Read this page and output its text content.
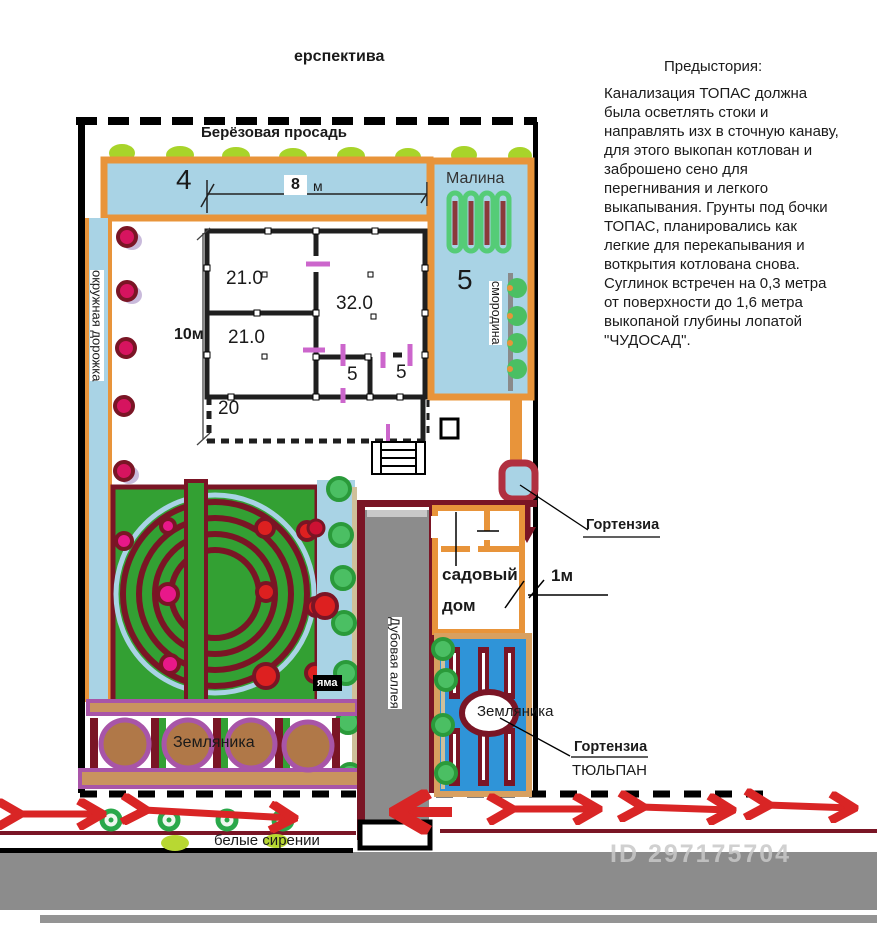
ерспектива
Предыстория:
Канализация ТОПАС должна была осветлять стоки и направлять изх в сточную канаву, для этого выкопан котлован и заброшено сено для перегнивания и легкого выкапывания. Грунты под бочки ТОПАС, планировались как легкие для перекапывания и воткрытия котлована снова. Суглинок встречен на 0,3 метра от поверхности до 1,6 метра выкопаной глубины лопатой "ЧУДОСАД".
Берёзовая просадь
4	8 м	Малина
5
смородина
окружная дорожка	21.0
32.0
21.0
5 5
20
10м
яма	Дубовая аллея
садовый
дом
1м
Гортензиа
Земляника
Земляника
Гортензиа
ТЮЛЬПАН
белые сирении	ID 297175704
